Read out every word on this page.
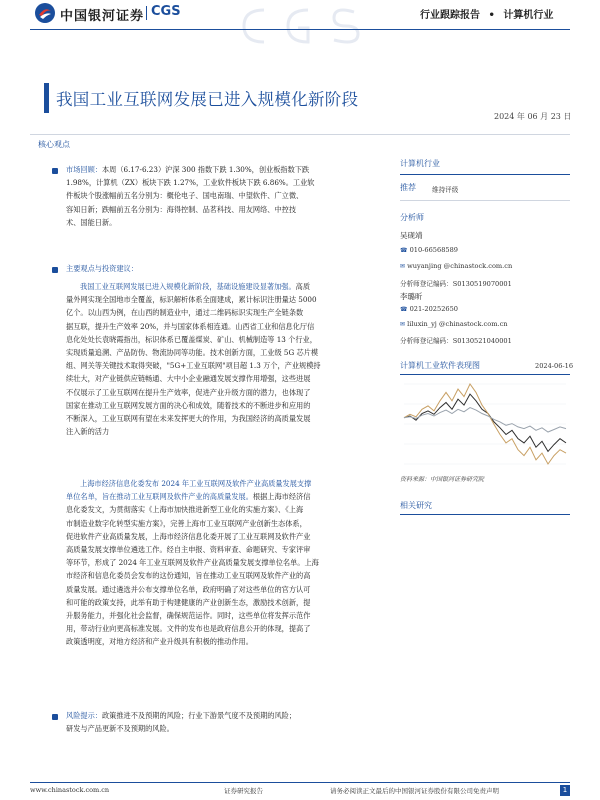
中国银河证券 CGS	行业跟踪报告 • 计算机行业
我国工业互联网发展已进入规模化新阶段
2024 年 06 月 23 日
核心观点
市场回顾：本周（6.17-6.23）沪深 300 指数下跌 1.30%，创业板指数下跌
1.98%，计算机（ZX）板块下跌 1.27%，工业软件板块下跌 6.86%。工业软
件板块个股涨幅前五名分别为：概伦电子、国电南瑞、中望软件、广立微、
容知日新；跌幅前五名分别为：海得控制、品茗科技、用友网络、中控技
术、国能日新。
主要观点与投资建议：
我国工业互联网发展已进入规模化新阶段，基础设施建设显著加强。高质
量外网实现全国地市全覆盖，标识解析体系全面建成，累计标识注册量达 5000
亿个。以山西为例，在山西的制造业中，通过二维码标识实现生产全链条数
据互联，提升生产效率 20%，并与国家体系相连通。山西省工业和信息化厅信
息化处处长袁晓霞指出，标识体系已覆盖煤炭、矿山、机械制造等 13 个行业，
实现质量追溯、产品防伪、物流协同等功能。技术创新方面，工业级 5G 芯片模
组、网关等关键技术取得突破，"5G+工业互联网"项目超 1.3 万个，产业规模持
续壮大，对产业链供应链畅通、大中小企业融通发展支撑作用增强，这些进展
不仅展示了工业互联网在提升生产效率，促进产业升级方面的潜力，也体现了
国家在推动工业互联网发展方面的决心和成效，随着技术的不断进步和应用的
不断深入，工业互联网有望在未来发挥更大的作用，为我国经济的高质量发展
注入新的活力
上海市经济信息化委发布 2024 年工业互联网及软件产业高质量发展支撑
单位名单，旨在推动工业互联网及软件产业的高质量发展。根据上海市经济信
息化委发文，为贯彻落实《上海市加快推进新型工业化的实施方案》、《上海
市制造业数字化转型实施方案》，完善上海市工业互联网产业创新生态体系，
促进软件产业高质量发展，上海市经济信息化委开展了工业互联网及软件产业
高质量发展支撑单位遴选工作。经自主申报、资料审查、命题研究、专家评审
等环节，形成了 2024 年工业互联网及软件产业高质量发展支撑单位名单。上海
市经济和信息化委员会发布的这份通知，旨在推动工业互联网及软件产业的高
质量发展。通过遴选并公布支撑单位名单，政府明确了对这些单位的官方认可
和可能的政策支持，此举有助于构建健康的产业创新生态，激励技术创新，提
升服务能力，并强化社会监督，确保规范运作。同时，这些单位将发挥示范作
用，带动行业向更高标准发展。文件的发布也是政府信息公开的体现，提高了
政策透明度，对地方经济和产业升级具有积极的推动作用。
风险提示：政策推进不及预期的风险；行业下游景气度不及预期的风险；
研发与产品更新不及预期的风险。
计算机行业
推荐 维持评级
分析师
吴砚靖
☎ 010-66568589
✉ wuyanjing @chinastock.com.cn
分析师登记编码：S0130519070001
李璐昕
☎ 021-20252650
✉ liluxin_yj @chinastock.com.cn
分析师登记编码：S0130521040001
计算机工业软件表现图	2024-06-16
资料来源：中国银河证券研究院
相关研究
www.chinastock.com.cn	证券研究报告	请务必阅读正文最后的中国银河证券股份有限公司免责声明	1
